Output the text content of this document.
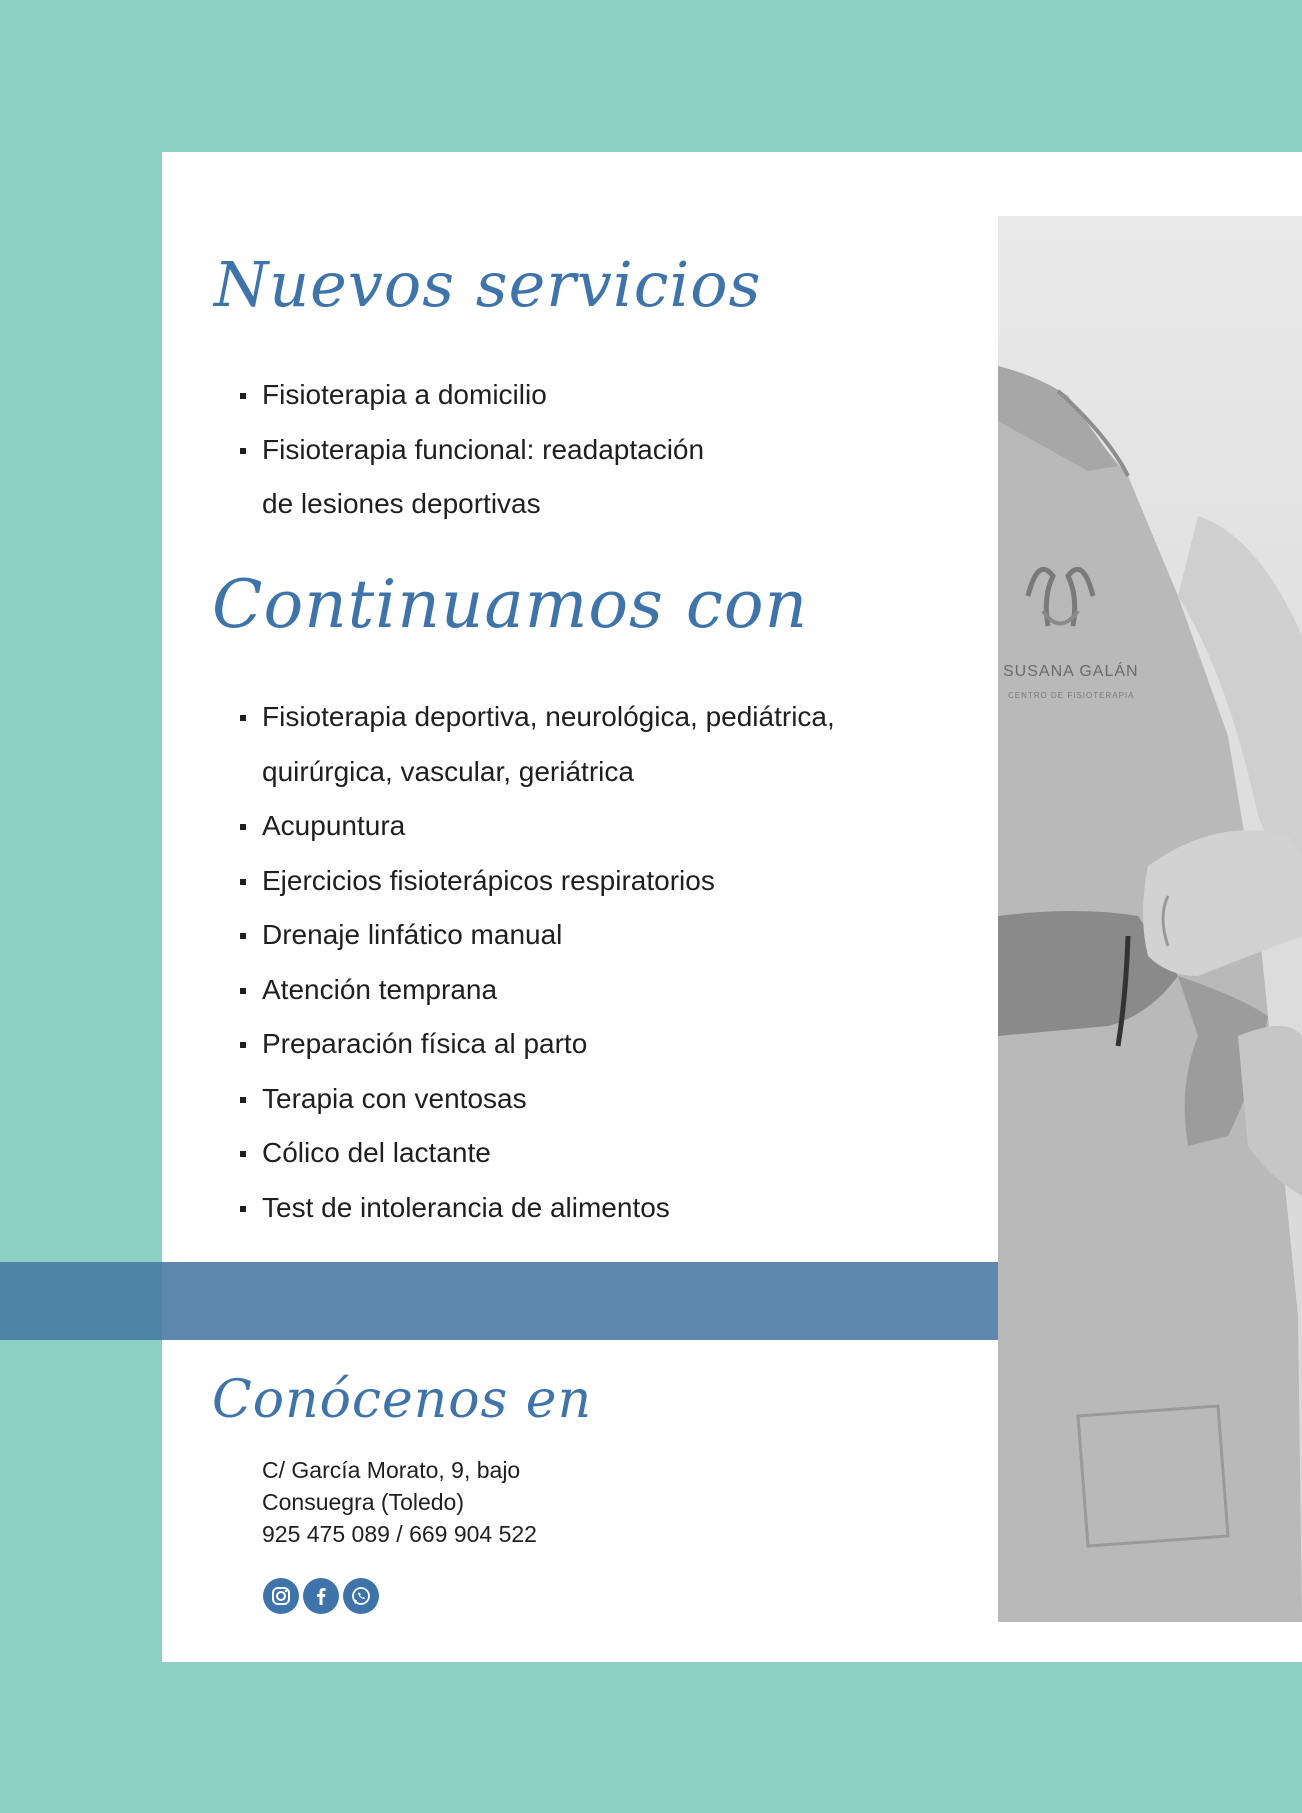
SUSANA GALÁN
CENTRO DE FISIOTERAPIA
Nuevos servicios
Fisioterapia a domicilio
Fisioterapia funcional: readaptación
de lesiones deportivas
Continuamos con
Fisioterapia deportiva, neurológica, pediátrica,
quirúrgica, vascular, geriátrica
Acupuntura
Ejercicios fisioterápicos respiratorios
Drenaje linfático manual
Atención temprana
Preparación física al parto
Terapia con ventosas
Cólico del lactante
Test de intolerancia de alimentos
Conócenos en
C/ García Morato, 9, bajo
Consuegra (Toledo)
925 475 089 / 669 904 522
